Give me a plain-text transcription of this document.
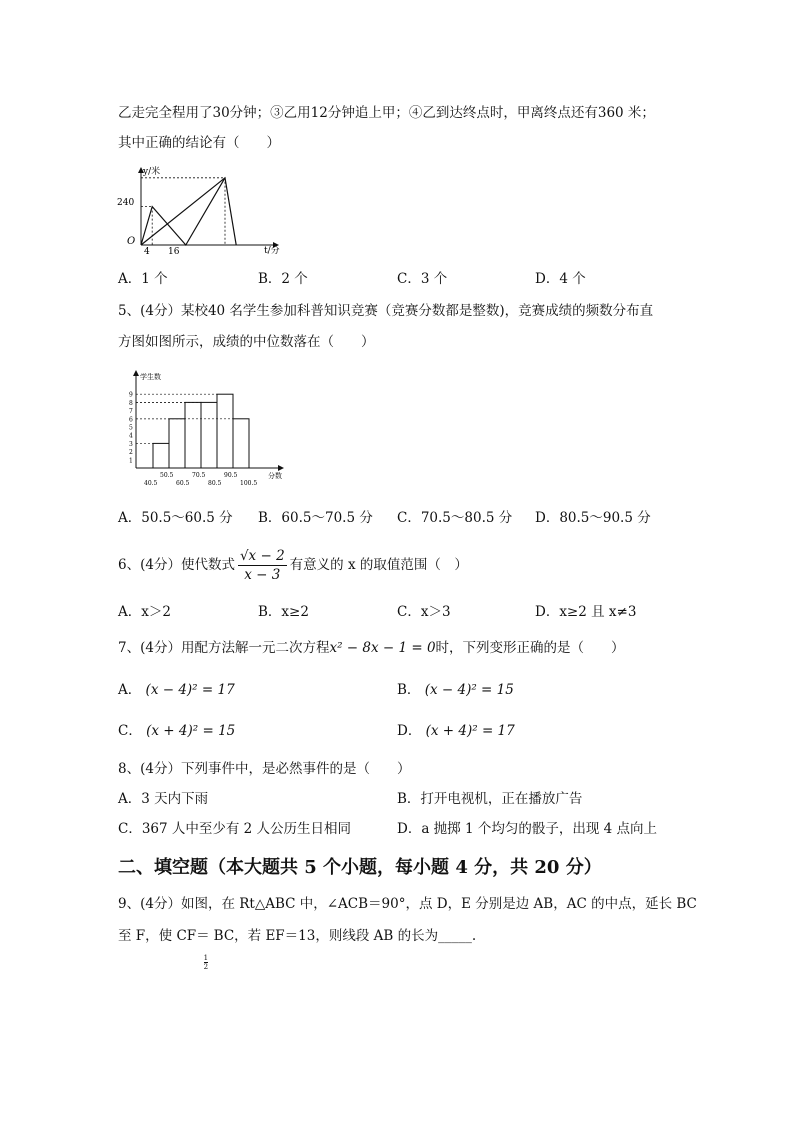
乙走完全程用了30分钟；③乙用12分钟追上甲；④乙到达终点时，甲离终点还有360 米；
其中正确的结论有（　　）
y/米
t/分
O
240
4 16
A．1 个	B．2 个	C．3 个	D．4 个
5、(4分）某校40 名学生参加科普知识竞赛（竞赛分数都是整数)，竞赛成绩的频数分布直
方图如图所示，成绩的中位数落在（　　）
学生数
分数
1
2
3
4
5
6
7
8
9
40.5	60.5	80.5	100.5
50.5	70.5	90.5
A．50.5～60.5 分 B．60.5～70.5 分 C．70.5～80.5 分 D．80.5～90.5 分
6、(4分）使代数式 $\frac{√x - 2}{x - 3}$ 有意义的 x 的取值范围（　）
A．x＞2	B．x≥2	C．x＞3	D．x≥2 且 x≠3
7、(4分）用配方法解一元二次方程x² − 8x − 1 = 0时，下列变形正确的是（　　）
A． (x − 4)² = 17	B． (x − 4)² = 15
C． (x + 4)² = 15	D． (x + 4)² = 17
8、(4分）下列事件中，是必然事件的是（　　）
A．3 天内下雨	B．打开电视机，正在播放广告
C．367 人中至少有 2 人公历生日相同	D．a 抛掷 1 个均匀的骰子，出现 4 点向上
二、填空题（本大题共 5 个小题，每小题 4 分，共 20 分）
9、(4分）如图，在 Rt△ABC 中，∠ACB＝90°，点 D，E 分别是边 AB，AC 的中点，延长 BC
至 F，使 CF＝
$\frac{1}{2}$
BC，若 EF＝13，则线段 AB 的长为_____.
